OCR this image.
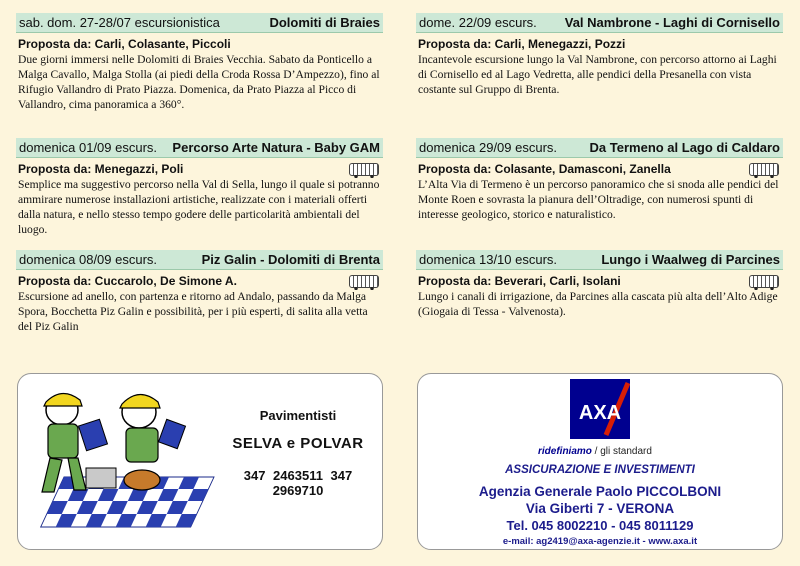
sab. dom. 27-28/07 escursionistica	Dolomiti di Braies
Proposta da: Carli, Colasante, Piccoli
Due giorni immersi nelle Dolomiti di Braies Vecchia. Sabato da Ponticello a Malga Cavallo, Malga Stolla (ai piedi della Croda Rossa D’Ampezzo), fino al Rifugio Vallandro di Prato Piazza. Domenica, da Prato Piazza al Picco di Vallandro, cima panoramica a 360°.
dome. 22/09 escurs. Val Nambrone - Laghi di Cornisello
Proposta da: Carli, Menegazzi, Pozzi
Incantevole escursione lungo la Val Nambrone, con percorso attorno ai Laghi di Cornisello ed al Lago Vedretta, alle pendici della Presanella con vista costante sul Gruppo di Brenta.
domenica 01/09 escurs. Percorso Arte Natura - Baby GAM
Proposta da: Menegazzi, Poli
Semplice ma suggestivo percorso nella Val di Sella, lungo il quale si potranno ammirare numerose installazioni artistiche, realizzate con i materiali offerti dalla natura, e nello stesso tempo godere delle particolarità ambientali del luogo.
domenica 29/09 escurs.	Da Termeno al Lago di Caldaro
Proposta da: Colasante, Damasconi, Zanella
L’Alta Via di Termeno è un percorso panoramico che si snoda alle pendici del Monte Roen e sovrasta la pianura dell’Oltradige, con numerosi spunti di interesse geologico, storico e naturalistico.
domenica 08/09 escurs.	Piz Galin - Dolomiti di Brenta
Proposta da: Cuccarolo, De Simone A.
Escursione ad anello, con partenza e ritorno ad Andalo, passando da Malga Spora, Bocchetta Piz Galin e possibilità, per i più esperti, di salita alla vetta del Piz Galin
domenica 13/10 escurs.	Lungo i Waalweg di Parcines
Proposta da: Beverari, Carli, Isolani
Lungo i canali di irrigazione, da Parcines alla cascata più alta dell’Alto Adige (Giogaia di Tessa - Valvenosta).
Pavimentisti
SELVA e POLVAR
347 2463511 347 2969710
AXA
ridefiniamo / gli standard
ASSICURAZIONE E INVESTIMENTI
Agenzia Generale Paolo PICCOLBONI
Via Giberti 7 - VERONA
Tel. 045 8002210 - 045 8011129
e-mail: ag2419@axa-agenzie.it - www.axa.it
